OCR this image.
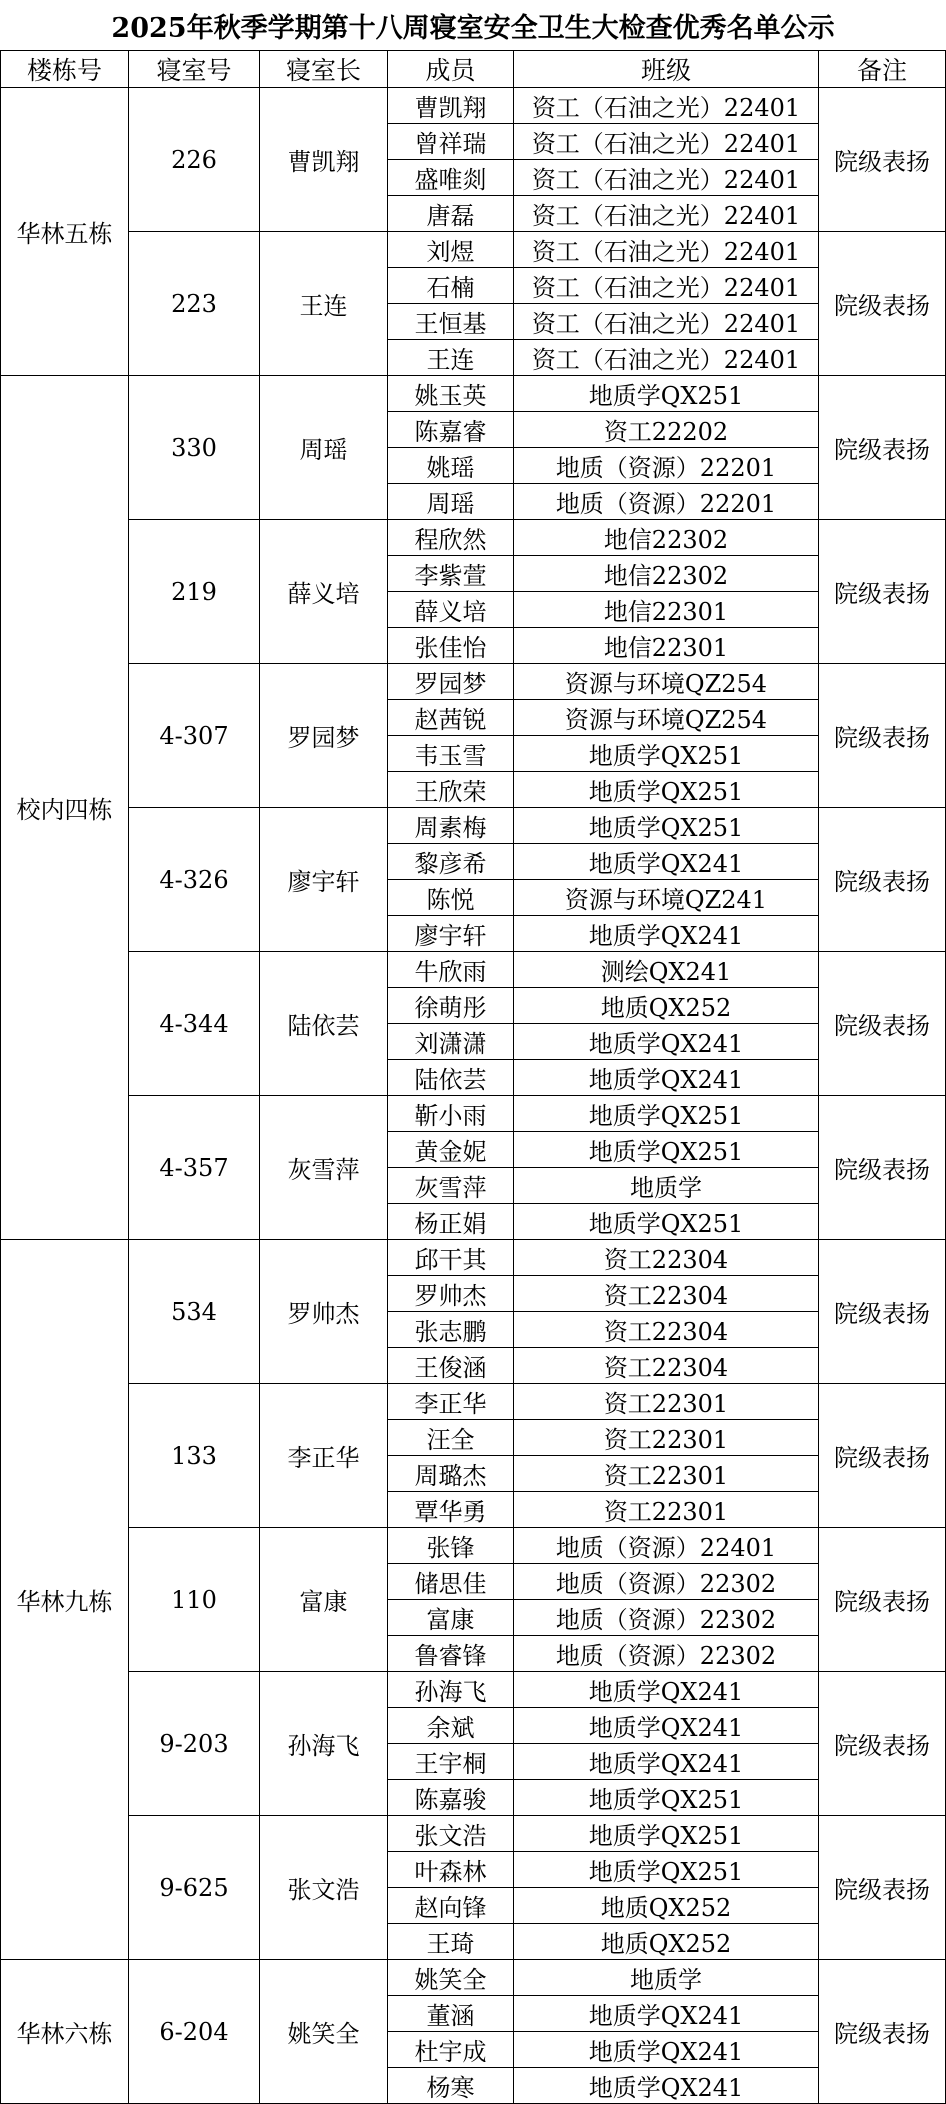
2025年秋季学期第十八周寝室安全卫生大检查优秀名单公示
楼栋号	寝室号	寝室长	成员	班级	备注
华林五栋	226	曹凯翔	曹凯翔	资工（石油之光）22401	院级表扬
			曾祥瑞	资工（石油之光）22401	
			盛唯剡	资工（石油之光）22401	
			唐磊	资工（石油之光）22401	
	223	王连	刘煜	资工（石油之光）22401	院级表扬
			石楠	资工（石油之光）22401	
			王恒基	资工（石油之光）22401	
			王连	资工（石油之光）22401	
校内四栋	330	周瑶	姚玉英	地质学QX251	院级表扬
			陈嘉睿	资工22202	
			姚瑶	地质（资源）22201	
			周瑶	地质（资源）22201	
	219	薛义培	程欣然	地信22302	院级表扬
			李紫萱	地信22302	
			薛义培	地信22301	
			张佳怡	地信22301	
	4-307	罗园梦	罗园梦	资源与环境QZ254	院级表扬
			赵茜锐	资源与环境QZ254	
			韦玉雪	地质学QX251	
			王欣荣	地质学QX251	
	4-326	廖宇轩	周素梅	地质学QX251	院级表扬
			黎彦希	地质学QX241	
			陈悦	资源与环境QZ241	
			廖宇轩	地质学QX241	
	4-344	陆依芸	牛欣雨	测绘QX241	院级表扬
			徐萌彤	地质QX252	
			刘潇潇	地质学QX241	
			陆依芸	地质学QX241	
	4-357	灰雪萍	靳小雨	地质学QX251	院级表扬
			黄金妮	地质学QX251	
			灰雪萍	地质学	
			杨正娟	地质学QX251	
华林九栋	534	罗帅杰	邱干其	资工22304	院级表扬
			罗帅杰	资工22304	
			张志鹏	资工22304	
			王俊涵	资工22304	
	133	李正华	李正华	资工22301	院级表扬
			汪全	资工22301	
			周璐杰	资工22301	
			覃华勇	资工22301	
	110	富康	张锋	地质（资源）22401	院级表扬
			储思佳	地质（资源）22302	
			富康	地质（资源）22302	
			鲁睿锋	地质（资源）22302	
	9-203	孙海飞	孙海飞	地质学QX241	院级表扬
			余斌	地质学QX241	
			王宇桐	地质学QX241	
			陈嘉骏	地质学QX251	
	9-625	张文浩	张文浩	地质学QX251	院级表扬
			叶森林	地质学QX251	
			赵向锋	地质QX252	
			王琦	地质QX252	
华林六栋	6-204	姚笑全	姚笑全	地质学	院级表扬
			董涵	地质学QX241	
			杜宇成	地质学QX241	
			杨寒	地质学QX241	
